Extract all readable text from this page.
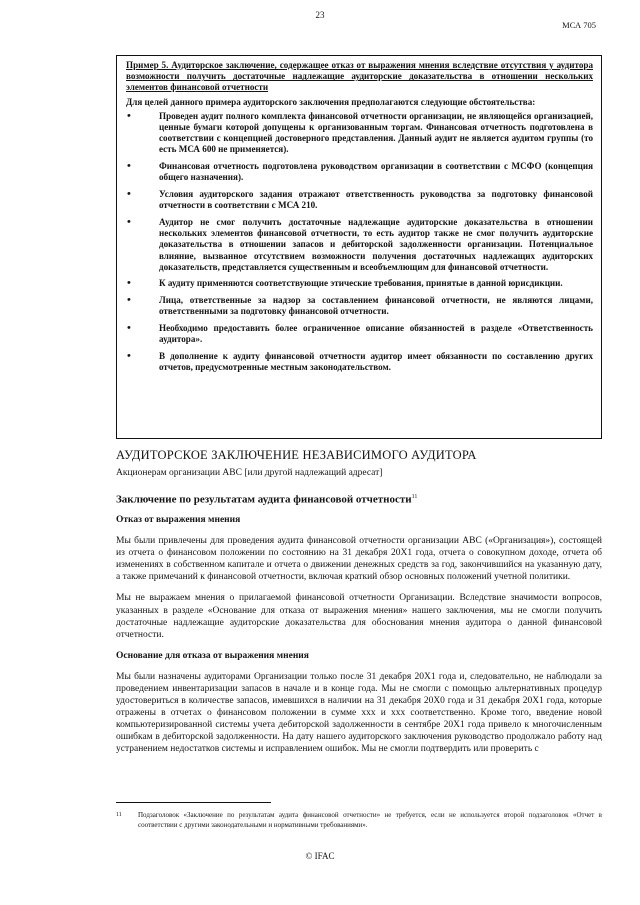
23
МСА 705

Пример 5. Аудиторское заключение, содержащее отказ от выражения мнения вследствие отсутствия у аудитора возможности получить достаточные надлежащие аудиторские доказательства в отношении нескольких элементов финансовой отчетности

Для целей данного примера аудиторского заключения предполагаются следующие обстоятельства:

• Проведен аудит полного комплекта финансовой отчетности организации, не являющейся организацией, ценные бумаги которой допущены к организованным торгам. Финансовая отчетность подготовлена в соответствии с концепцией достоверного представления. Данный аудит не является аудитом группы (то есть МСА 600 не применяется).
• Финансовая отчетность подготовлена руководством организации в соответствии с МСФО (концепция общего назначения).
• Условия аудиторского задания отражают ответственность руководства за подготовку финансовой отчетности в соответствии с МСА 210.
• Аудитор не смог получить достаточные надлежащие аудиторские доказательства в отношении нескольких элементов финансовой отчетности, то есть аудитор также не смог получить аудиторские доказательства в отношении запасов и дебиторской задолженности организации. Потенциальное влияние, вызванное отсутствием возможности получения достаточных надлежащих аудиторских доказательств, представляется существенным и всеобъемлющим для финансовой отчетности.
• К аудиту применяются соответствующие этические требования, принятые в данной юрисдикции.
• Лица, ответственные за надзор за составлением финансовой отчетности, не являются лицами, ответственными за подготовку финансовой отчетности.
• Необходимо предоставить более ограниченное описание обязанностей в разделе «Ответственность аудитора».
• В дополнение к аудиту финансовой отчетности аудитор имеет обязанности по составлению других отчетов, предусмотренные местным законодательством.
АУДИТОРСКОЕ ЗАКЛЮЧЕНИЕ НЕЗАВИСИМОГО АУДИТОРА

Акционерам организации АВС [или другой надлежащий адресат]

Заключение по результатам аудита финансовой отчетности$^{11}$
Отказ от выражения мнения

Мы были привлечены для проведения аудита финансовой отчетности организации АВС («Организация»), состоящей из отчета о финансовом положении по состоянию на 31 декабря 20X1 года, отчета о совокупном доходе, отчета об изменениях в собственном капитале и отчета о движении денежных средств за год, закончившийся на указанную дату, а также примечаний к финансовой отчетности, включая краткий обзор основных положений учетной политики.

Мы не выражаем мнения о прилагаемой финансовой отчетности Организации. Вследствие значимости вопросов, указанных в разделе «Основание для отказа от выражения мнения» нашего заключения, мы не смогли получить достаточные надлежащие аудиторские доказательства для обоснования мнения аудитора о данной финансовой отчетности.

Основание для отказа от выражения мнения

Мы были назначены аудиторами Организации только после 31 декабря 20X1 года и, следовательно, не наблюдали за проведением инвентаризации запасов в начале и в конце года. Мы не смогли с помощью альтернативных процедур удостовериться в количестве запасов, имевшихся в наличии на 31 декабря 20X0 года и 31 декабря 20X1 года, которые отражены в отчетах о финансовом положении в сумме xxx и xxx соответственно. Кроме того, введение новой компьютеризированной системы учета дебиторской задолженности в сентябре 20X1 года привело к многочисленным ошибкам в дебиторской задолженности. На дату нашего аудиторского заключения руководство продолжало работу над устранением недостатков системы и исправлением ошибок. Мы не смогли подтвердить или проверить с

11 Подзаголовок «Заключение по результатам аудита финансовой отчетности» не требуется, если не используется второй подзаголовок «Отчет в соответствии с другими законодательными и нормативными требованиями».
© IFAC
